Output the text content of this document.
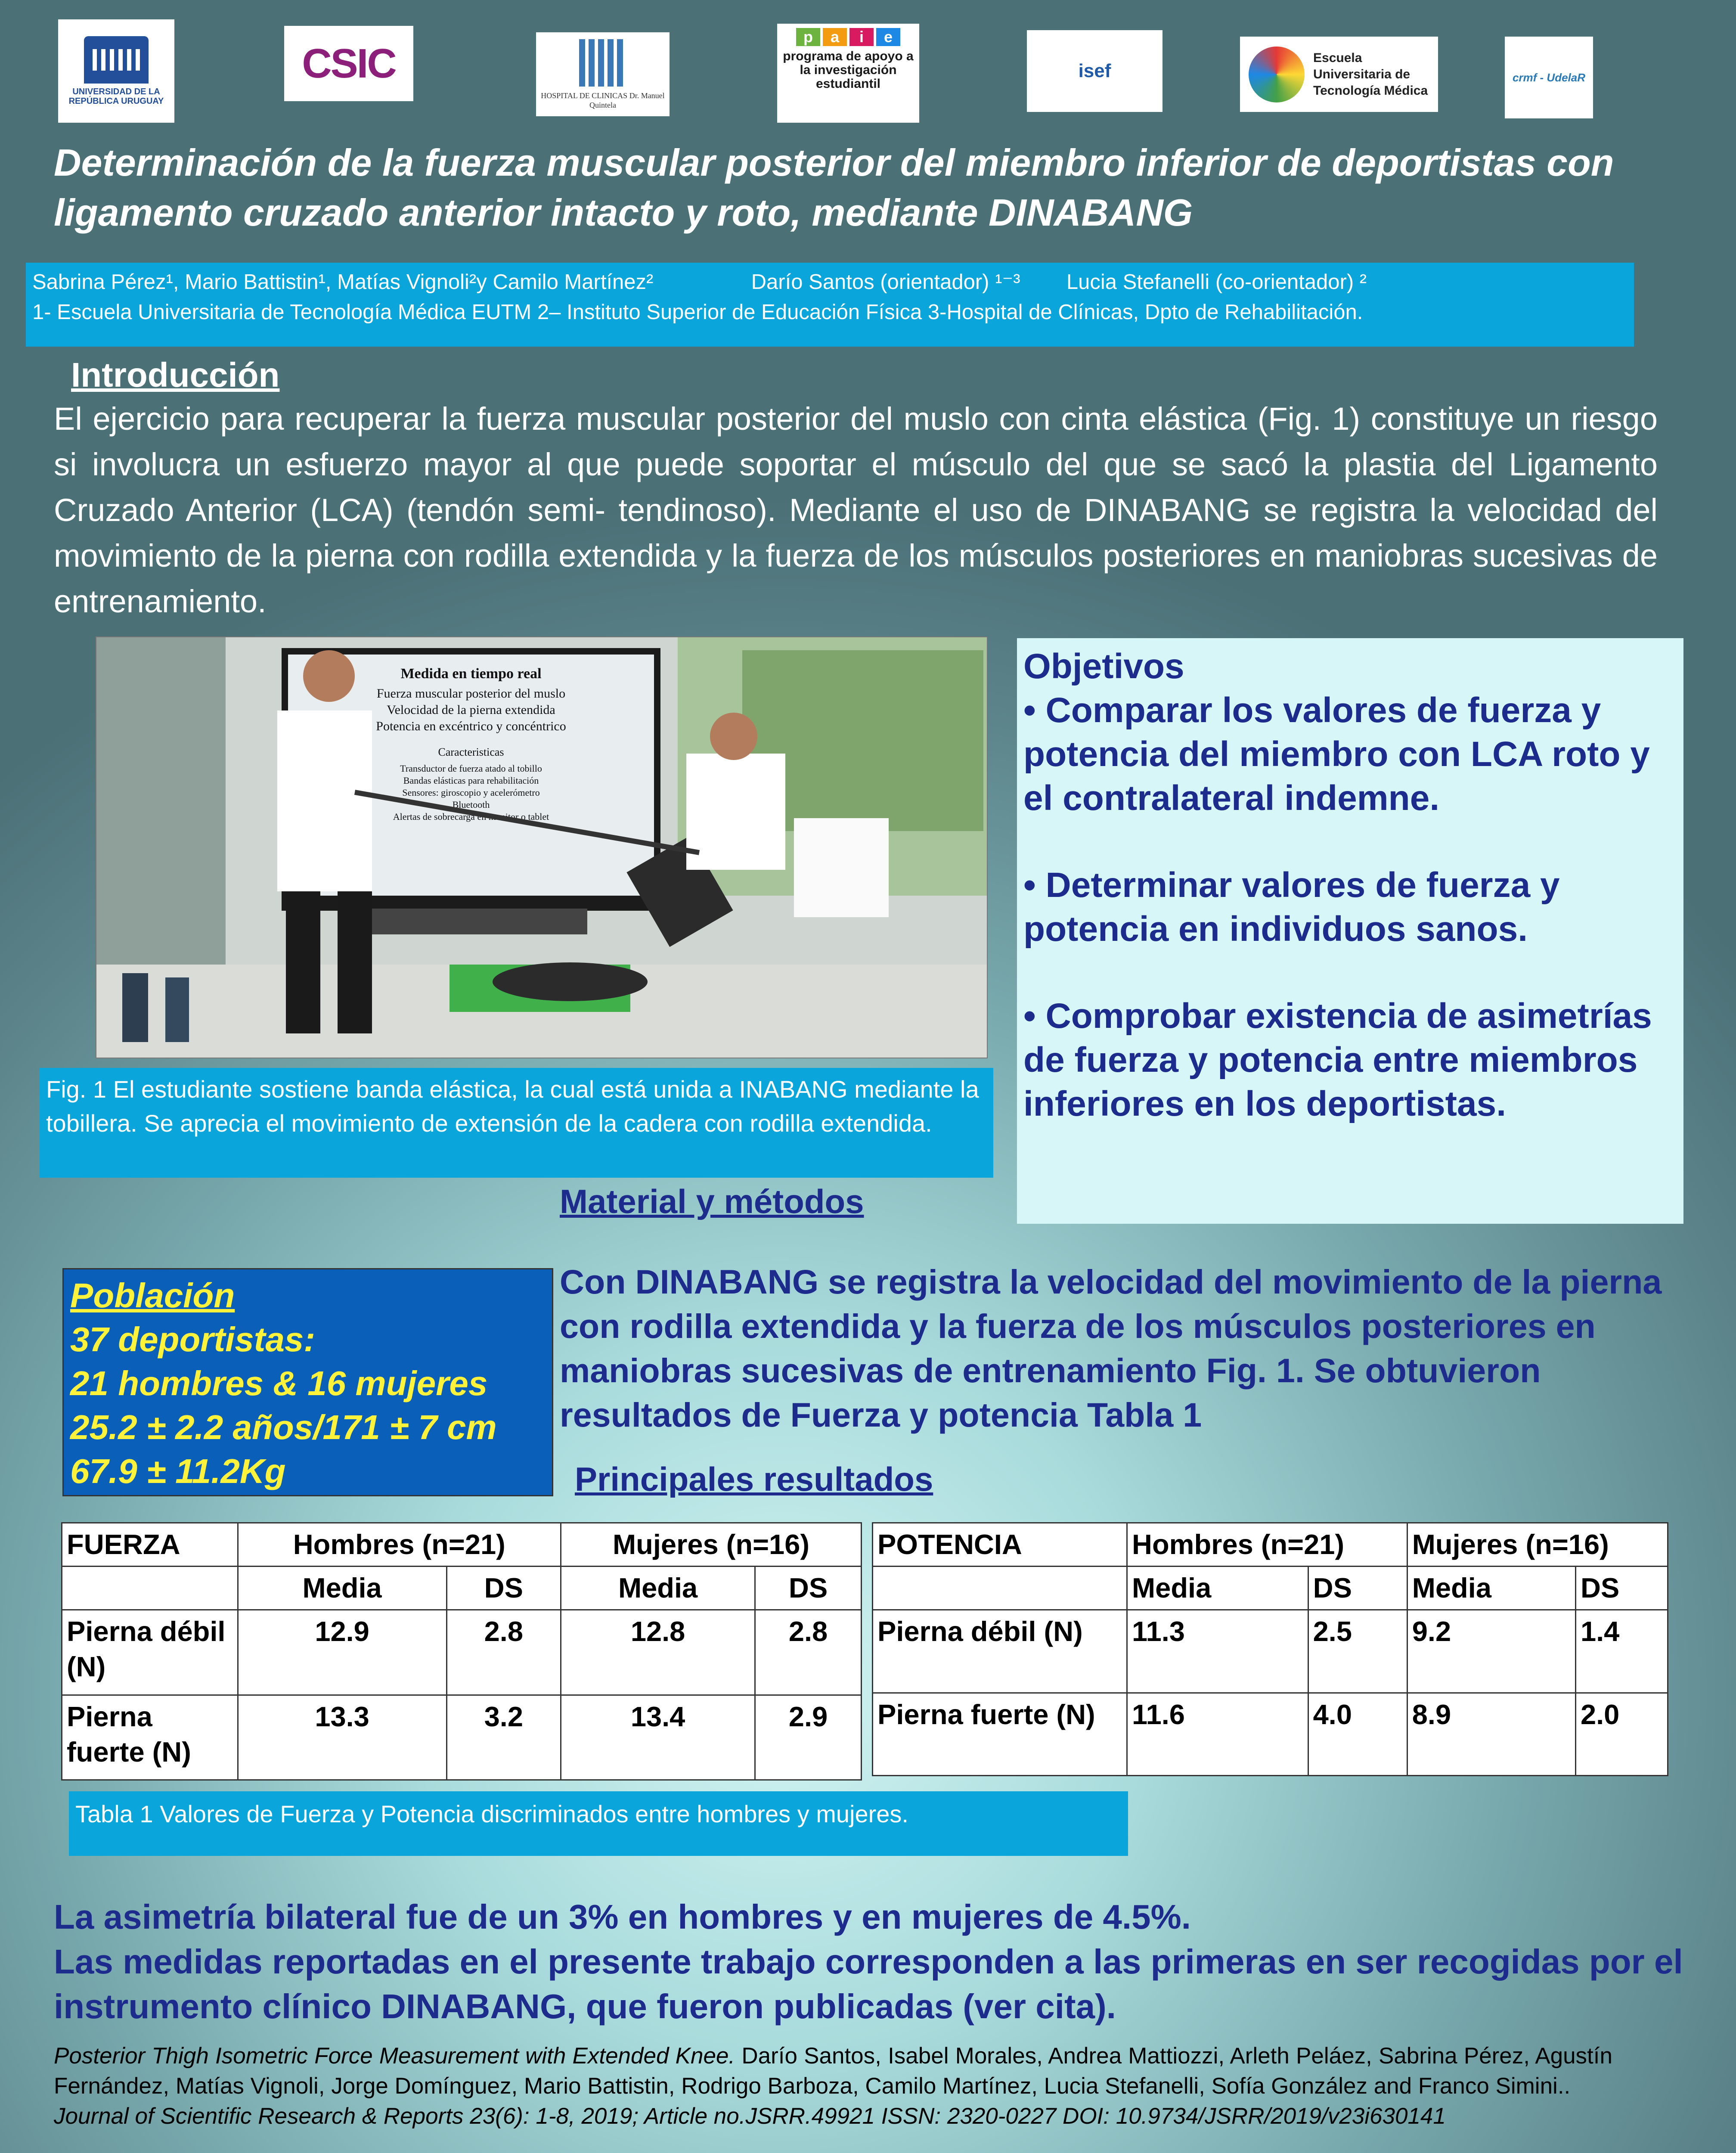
UNIVERSIDAD DE LA REPÚBLICA URUGUAY
CSIC
HOSPITAL DE CLINICAS Dr. Manuel Quintela
p	a	i	e
programa de apoyo a la investigación estudiantil
isef
Escuela Universitaria de Tecnología Médica
crmf - UdelaR
Determinación de la fuerza muscular posterior del miembro inferior de deportistas con ligamento cruzado anterior intacto y roto, mediante DINABANG
Sabrina Pérez¹, Mario Battistin¹, Matías Vignoli²y Camilo Martínez²	Darío Santos (orientador) ¹⁻³ Lucia Stefanelli (co-orientador) ²
1- Escuela Universitaria de Tecnología Médica EUTM 2– Instituto Superior de Educación Física 3-Hospital de Clínicas, Dpto de Rehabilitación.
Introducción
El ejercicio para recuperar la fuerza muscular posterior del muslo con cinta elástica (Fig. 1) constituye un riesgo si involucra un esfuerzo mayor al que puede soportar el músculo del que se sacó la plastia del Ligamento Cruzado Anterior (LCA) (tendón semi- tendinoso). Mediante el uso de DINABANG se registra la velocidad del movimiento de la pierna con rodilla extendida y la fuerza de los músculos posteriores en maniobras sucesivas de entrenamiento.
Medida en tiempo real
Fuerza muscular posterior del muslo
Velocidad de la pierna extendida
Potencia en excéntrico y concéntrico
Caracteristicas
Transductor de fuerza atado al tobillo
Bandas elásticas para rehabilitación
Sensores: giroscopio y acelerómetro
Bluetooth
Alertas de sobrecarga en monitor o tablet
Fig. 1 El estudiante sostiene banda elástica, la cual está unida a INABANG mediante la tobillera. Se aprecia el movimiento de extensión de la cadera con rodilla extendida.
Objetivos
• Comparar los valores de fuerza y potencia del miembro con LCA roto y el contralateral indemne.
• Determinar valores de fuerza y potencia en individuos sanos.
• Comprobar existencia de asimetrías de fuerza y potencia entre miembros inferiores en los deportistas.
Material y métodos
Población
37 deportistas:
21 hombres & 16 mujeres
25.2 ± 2.2 años/171 ± 7 cm
67.9 ± 11.2Kg
Con DINABANG se registra la velocidad del movimiento de la pierna con rodilla extendida y la fuerza de los músculos posteriores en maniobras sucesivas de entrenamiento Fig. 1. Se obtuvieron resultados de Fuerza y potencia Tabla 1
Principales resultados
FUERZA	Hombres (n=21)		Mujeres (n=16)	
	Media	DS	Media	DS
Pierna débil (N)	12.9	2.8	12.8	2.8
Pierna fuerte (N)	13.3	3.2	13.4	2.9
POTENCIA	Hombres (n=21)		Mujeres (n=16)	
	Media	DS	Media	DS
Pierna débil (N)	11.3	2.5	9.2	1.4
Pierna fuerte (N)	11.6	4.0	8.9	2.0
Tabla 1 Valores de Fuerza y Potencia discriminados entre hombres y mujeres.
La asimetría bilateral fue de un 3% en hombres y en mujeres de 4.5%.
Las medidas reportadas en el presente trabajo corresponden a las primeras en ser recogidas por el instrumento clínico DINABANG, que fueron publicadas (ver cita).
Posterior Thigh Isometric Force Measurement with Extended Knee. Darío Santos, Isabel Morales, Andrea Mattiozzi, Arleth Peláez, Sabrina Pérez, Agustín Fernández, Matías Vignoli, Jorge Domínguez, Mario Battistin, Rodrigo Barboza, Camilo Martínez, Lucia Stefanelli, Sofía González and Franco Simini..
Journal of Scientific Research & Reports 23(6): 1-8, 2019; Article no.JSRR.49921 ISSN: 2320-0227 DOI: 10.9734/JSRR/2019/v23i630141
